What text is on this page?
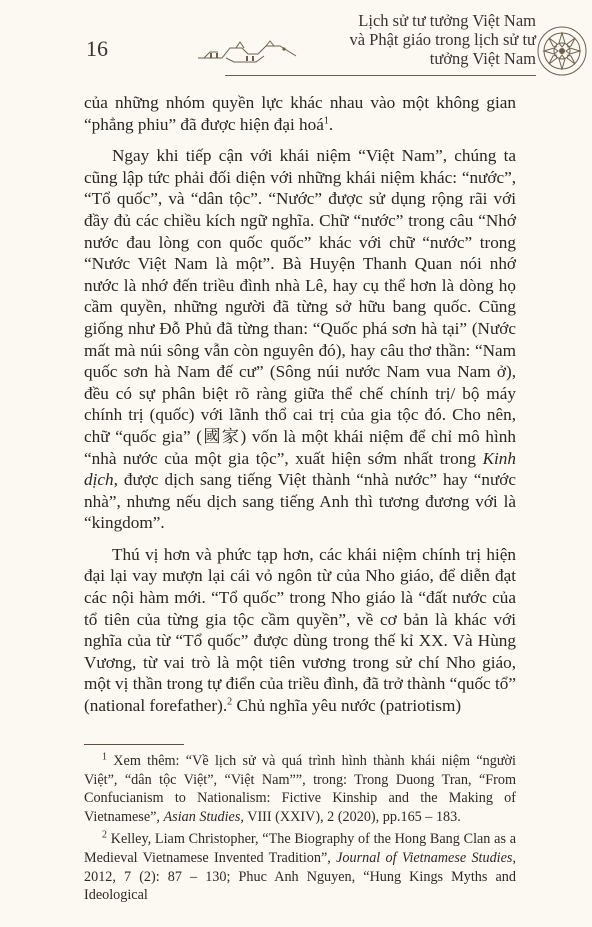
16
Lịch sử tư tưởng Việt Nam
và Phật giáo trong lịch sử tư tưởng Việt Nam

của những nhóm quyền lực khác nhau vào một không gian “phẳng phiu” đã được hiện đại hoá$^1$.

Ngay khi tiếp cận với khái niệm “Việt Nam”, chúng ta cũng lập tức phải đối diện với những khái niệm khác: “nước”, “Tổ quốc”, và “dân tộc”. “Nước” được sử dụng rộng rãi với đầy đủ các chiều kích ngữ nghĩa. Chữ “nước” trong câu “Nhớ nước đau lòng con quốc quốc” khác với chữ “nước” trong “Nước Việt Nam là một”. Bà Huyện Thanh Quan nói nhớ nước là nhớ đến triều đình nhà Lê, hay cụ thể hơn là dòng họ cầm quyền, những người đã từng sở hữu bang quốc. Cũng giống như Đỗ Phủ đã từng than: “Quốc phá sơn hà tại” (Nước mất mà núi sông vẫn còn nguyên đó), hay câu thơ thần: “Nam quốc sơn hà Nam đế cư” (Sông núi nước Nam vua Nam ở), đều có sự phân biệt rõ ràng giữa thể chế chính trị/ bộ máy chính trị (quốc) với lãnh thổ cai trị của gia tộc đó. Cho nên, chữ “quốc gia” (國家) vốn là một khái niệm để chỉ mô hình “nhà nước của một gia tộc”, xuất hiện sớm nhất trong Kinh dịch, được dịch sang tiếng Việt thành “nhà nước” hay “nước nhà”, nhưng nếu dịch sang tiếng Anh thì tương đương với là “kingdom”.

Thú vị hơn và phức tạp hơn, các khái niệm chính trị hiện đại lại vay mượn lại cái vỏ ngôn từ của Nho giáo, để diễn đạt các nội hàm mới. “Tổ quốc” trong Nho giáo là “đất nước của tổ tiên của từng gia tộc cầm quyền”, về cơ bản là khác với nghĩa của từ “Tổ quốc” được dùng trong thế kỉ XX. Và Hùng Vương, từ vai trò là một tiên vương trong sử chí Nho giáo, một vị thần trong tự điển của triều đình, đã trở thành “quốc tổ” (national forefather).$^2$ Chủ nghĩa yêu nước (patriotism)

$^1$ Xem thêm: “Về lịch sử và quá trình hình thành khái niệm “người Việt”, “dân tộc Việt”, “Việt Nam””, trong: Trong Duong Tran, “From Confucianism to Nationalism: Fictive Kinship and the Making of Vietnamese”, Asian Studies, VIII (XXIV), 2 (2020), pp.165 – 183.

$^2$ Kelley, Liam Christopher, “The Biography of the Hong Bang Clan as a Medieval Vietnamese Invented Tradition”, Journal of Vietnamese Studies, 2012, 7 (2): 87 – 130; Phuc Anh Nguyen, “Hung Kings Myths and Ideological
